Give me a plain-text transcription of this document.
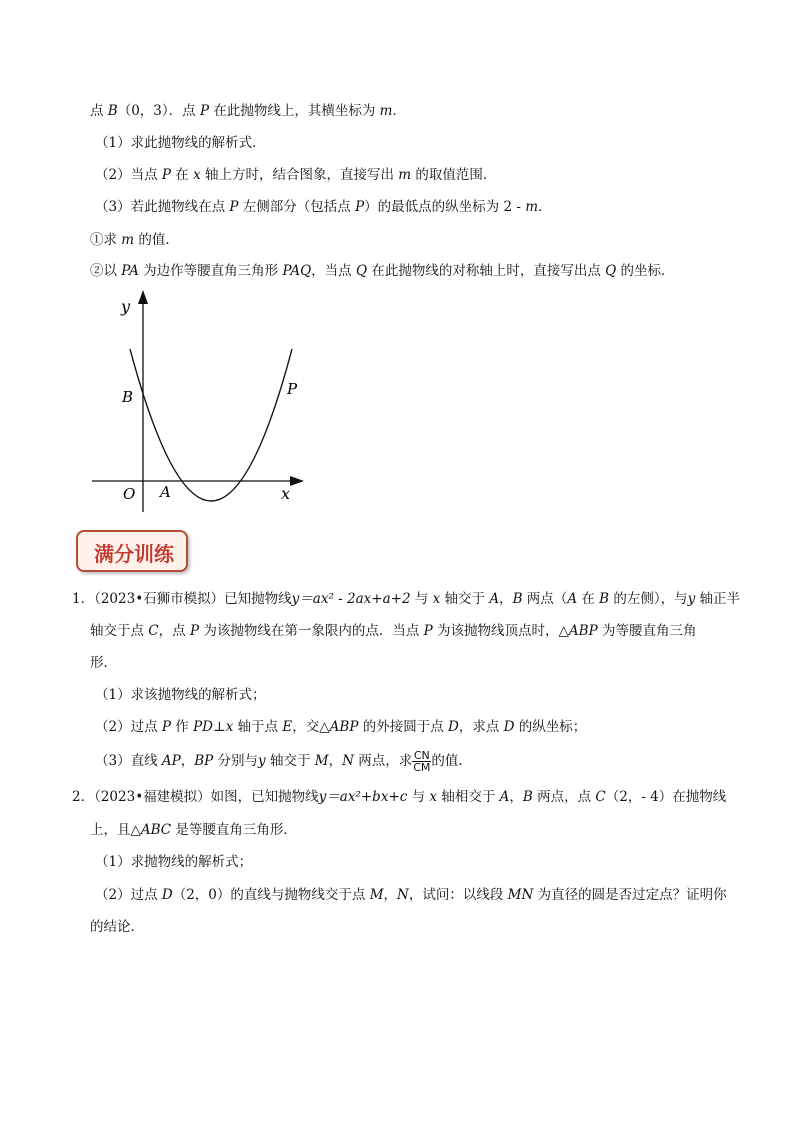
点 B（0，3）．点 P 在此抛物线上，其横坐标为 m．
（1）求此抛物线的解析式．
（2）当点 P 在 x 轴上方时，结合图象，直接写出 m 的取值范围．
（3）若此抛物线在点 P 左侧部分（包括点 P）的最低点的纵坐标为 2 - m．
①求 m 的值．
②以 PA 为边作等腰直角三角形 PAQ，当点 Q 在此抛物线的对称轴上时，直接写出点 Q 的坐标．
y
x
O A
B	P
满分训练
1．（2023•石狮市模拟）已知抛物线y＝ax² - 2ax+a+2 与 x 轴交于 A，B 两点（A 在 B 的左侧），与y 轴正半
轴交于点 C，点 P 为该抛物线在第一象限内的点．当点 P 为该抛物线顶点时，△ABP 为等腰直角三角
形．
（1）求该抛物线的解析式；
（2）过点 P 作 PD⊥x 轴于点 E，交△ABP 的外接圆于点 D，求点 D 的纵坐标；
（3）直线 AP，BP 分别与y 轴交于 M，N 两点，求 $\frac{CN}{CM}$ 的值．
2．（2023•福建模拟）如图，已知抛物线y＝ax²+bx+c 与 x 轴相交于 A，B 两点，点 C（2，- 4）在抛物线
上，且△ABC 是等腰直角三角形．
（1）求抛物线的解析式；
（2）过点 D（2，0）的直线与抛物线交于点 M，N，试问：以线段 MN 为直径的圆是否过定点？证明你
的结论．
